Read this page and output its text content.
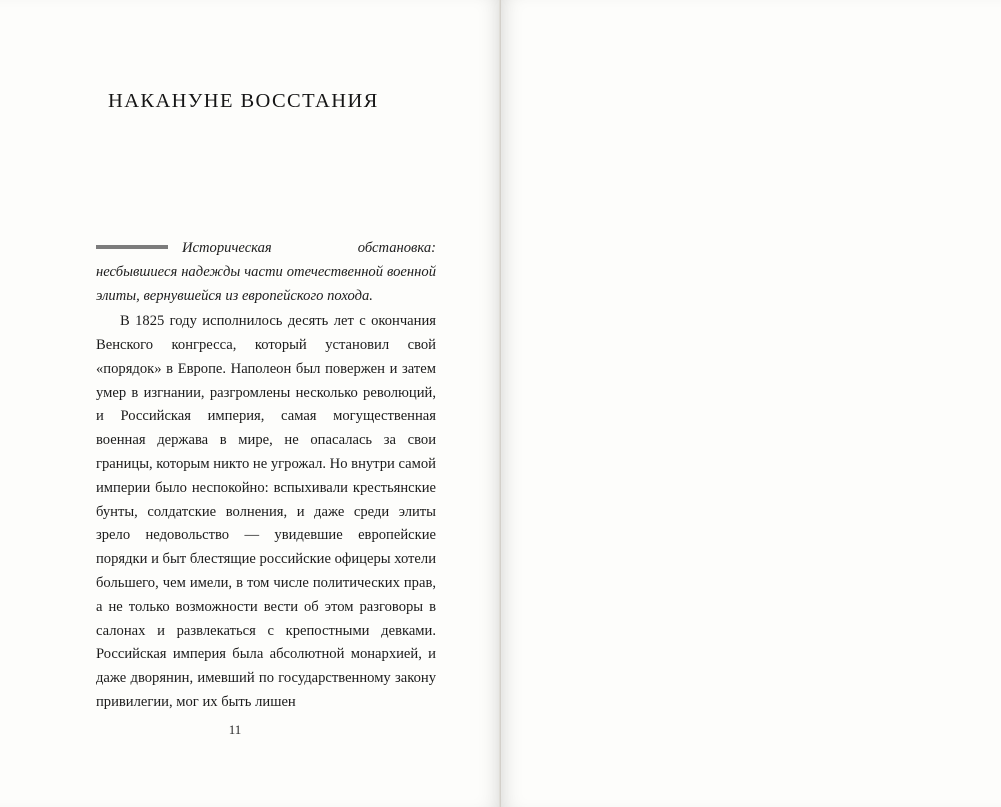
НАКАНУНЕ ВОССТАНИЯ

Историческая обстановка: несбывшиеся надежды части отечественной военной элиты, вернувшейся из европейского похода.

В 1825 году исполнилось десять лет с окончания Венского конгресса, который установил свой «порядок» в Европе. Наполеон был повержен и затем умер в изгнании, разгромлены несколько революций, и Российская империя, самая могущественная военная держава в мире, не опасалась за свои границы, которым никто не угрожал. Но внутри самой империи было неспокойно: вспыхивали крестьянские бунты, солдатские волнения, и даже среди элиты зрело недовольство — увидевшие европейские порядки и быт блестящие российские офицеры хотели большего, чем имели, в том числе политических прав, а не только возможности вести об этом разговоры в салонах и развлекаться с крепостными девками. Российская империя была абсолютной монархией, и даже дворянин, имевший по государственному закону привилегии, мог их быть лишен

11
